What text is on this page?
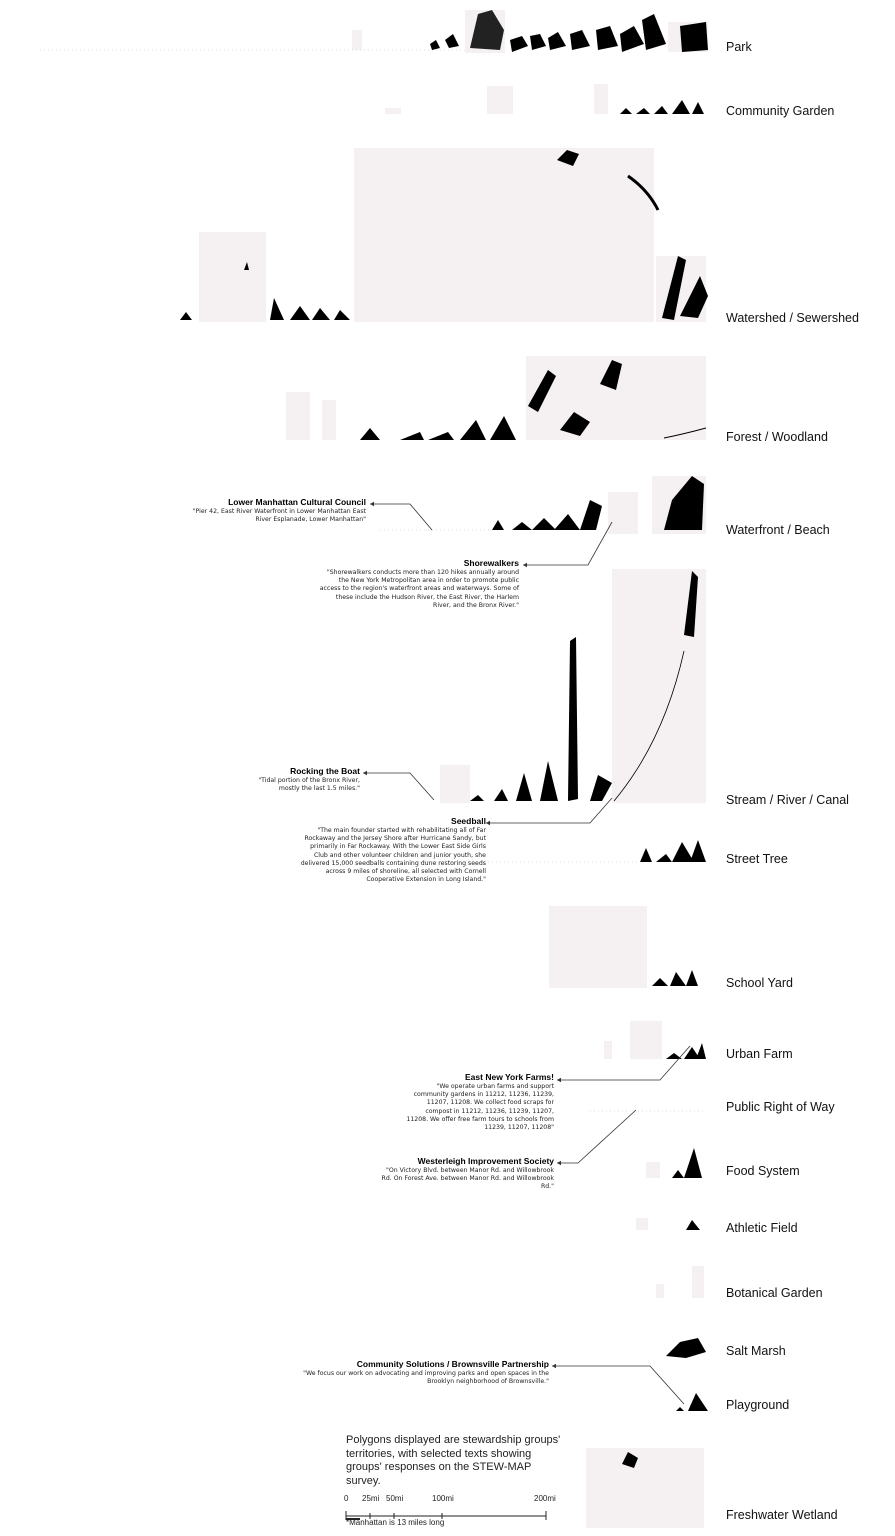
Park
Community Garden
Watershed / Sewershed
Forest / Woodland
Waterfront / Beach
Stream / River / Canal
Street Tree
School Yard
Urban Farm
Public Right of Way
Food System
Athletic Field
Botanical Garden
Salt Marsh
Playground
Freshwater Wetland
Lower Manhattan Cultural Council
"Pier 42, East River Waterfront in Lower Manhattan East River Esplanade, Lower Manhattan"
Shorewalkers
"Shorewalkers conducts more than 120 hikes annually around the New York Metropolitan area in order to promote public access to the region's waterfront areas and waterways. Some of these include the Hudson River, the East River, the Harlem River, and the Bronx River."
Rocking the Boat
"Tidal portion of the Bronx River, mostly the last 1.5 miles."
Seedball
"The main founder started with rehabilitating all of Far Rockaway and the Jersey Shore after Hurricane Sandy, but primarily in Far Rockaway. With the Lower East Side Girls Club and other volunteer children and junior youth, she delivered 15,000 seedballs containing dune restoring seeds across 9 miles of shoreline, all selected with Cornell Cooperative Extension in Long Island."
East New York Farms!
"We operate urban farms and support community gardens in 11212, 11236, 11239, 11207, 11208. We collect food scraps for compost in 11212, 11236, 11239, 11207, 11208. We offer free farm tours to schools from 11239, 11207, 11208"
Westerleigh Improvement Society
"On Victory Blvd. between Manor Rd. and Willowbrook Rd. On Forest Ave. between Manor Rd. and Willowbrook Rd."
Community Solutions / Brownsville Partnership
"We focus our work on advocating and improving parks and open spaces in the Brooklyn neighborhood of Brownsville."
Polygons displayed are stewardship groups' territories, with selected texts showing groups' responses on the STEW-MAP survey.
0 25mi 50mi	100mi	200mi
*Manhattan is 13 miles long
